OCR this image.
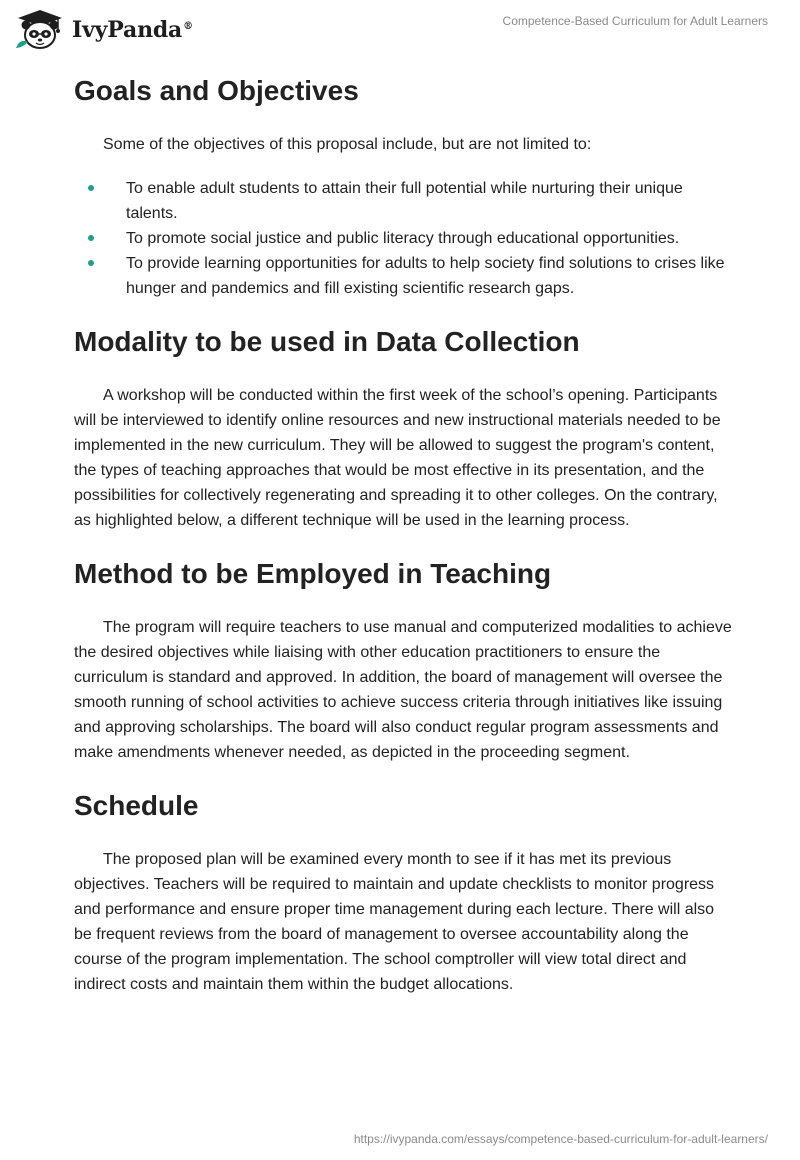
IvyPanda®	Competence-Based Curriculum for Adult Learners
Goals and Objectives

Some of the objectives of this proposal include, but are not limited to:

To enable adult students to attain their full potential while nurturing their unique talents.
To promote social justice and public literacy through educational opportunities.
To provide learning opportunities for adults to help society find solutions to crises like hunger and pandemics and fill existing scientific research gaps.
Modality to be used in Data Collection

A workshop will be conducted within the first week of the school’s opening. Participants will be interviewed to identify online resources and new instructional materials needed to be implemented in the new curriculum. They will be allowed to suggest the program's content, the types of teaching approaches that would be most effective in its presentation, and the possibilities for collectively regenerating and spreading it to other colleges. On the contrary, as highlighted below, a different technique will be used in the learning process.

Method to be Employed in Teaching

The program will require teachers to use manual and computerized modalities to achieve the desired objectives while liaising with other education practitioners to ensure the curriculum is standard and approved. In addition, the board of management will oversee the smooth running of school activities to achieve success criteria through initiatives like issuing and approving scholarships. The board will also conduct regular program assessments and make amendments whenever needed, as depicted in the proceeding segment.

Schedule

The proposed plan will be examined every month to see if it has met its previous objectives. Teachers will be required to maintain and update checklists to monitor progress and performance and ensure proper time management during each lecture. There will also be frequent reviews from the board of management to oversee accountability along the course of the program implementation. The school comptroller will view total direct and indirect costs and maintain them within the budget allocations.

https://ivypanda.com/essays/competence-based-curriculum-for-adult-learners/
